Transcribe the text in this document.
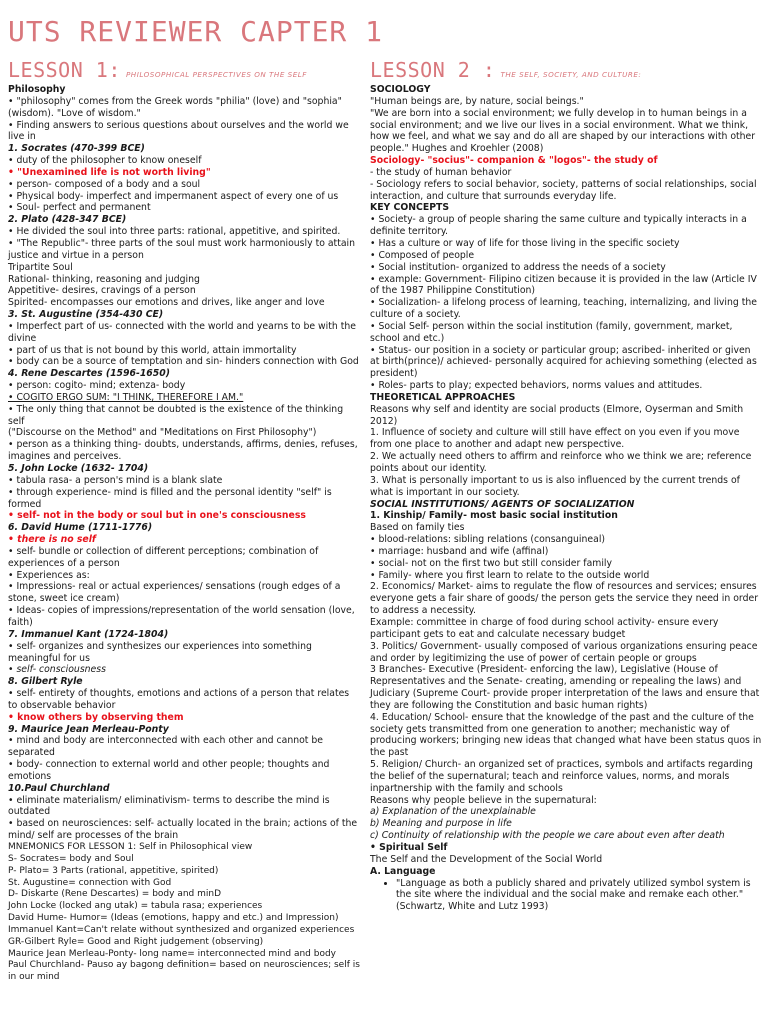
UTS REVIEWER CAPTER 1
LESSON 1: PHILOSOPHICAL PERSPECTIVES ON THE SELF

Philosophy

• "philosophy" comes from the Greek words "philia" (love) and "sophia" (wisdom). "Love of wisdom."

• Finding answers to serious questions about ourselves and the world we live in

1. Socrates (470-399 BCE)

• duty of the philosopher to know oneself

• "Unexamined life is not worth living"

• person- composed of a body and a soul

• Physical body- imperfect and impermanent aspect of every one of us

• Soul- perfect and permanent

2. Plato (428-347 BCE)

• He divided the soul into three parts: rational, appetitive, and spirited.

• "The Republic"- three parts of the soul must work harmoniously to attain justice and virtue in a person

Tripartite Soul

Rational- thinking, reasoning and judging

Appetitive- desires, cravings of a person

Spirited- encompasses our emotions and drives, like anger and love

3. St. Augustine (354-430 CE)

• Imperfect part of us- connected with the world and yearns to be with the divine

• part of us that is not bound by this world, attain immortality

• body can be a source of temptation and sin- hinders connection with God

4. Rene Descartes (1596-1650)

• person: cogito- mind; extenza- body

• COGITO ERGO SUM: "I THINK, THEREFORE I AM."

• The only thing that cannot be doubted is the existence of the thinking self

("Discourse on the Method" and "Meditations on First Philosophy")

• person as a thinking thing- doubts, understands, affirms, denies, refuses, imagines and perceives.

5. John Locke (1632- 1704)

• tabula rasa- a person's mind is a blank slate

• through experience- mind is filled and the personal identity "self" is formed

• self- not in the body or soul but in one's consciousness

6. David Hume (1711-1776)

• there is no self

• self- bundle or collection of different perceptions; combination of experiences of a person

• Experiences as:

• Impressions- real or actual experiences/ sensations (rough edges of a stone, sweet ice cream)

• Ideas- copies of impressions/representation of the world sensation (love, faith)

7. Immanuel Kant (1724-1804)

• self- organizes and synthesizes our experiences into something meaningful for us

• self- consciousness

8. Gilbert Ryle

• self- entirety of thoughts, emotions and actions of a person that relates to observable behavior

• know others by observing them

9. Maurice Jean Merleau-Ponty

• mind and body are interconnected with each other and cannot be separated

• body- connection to external world and other people; thoughts and emotions

10.Paul Churchland

• eliminate materialism/ eliminativism- terms to describe the mind is outdated

• based on neurosciences: self- actually located in the brain; actions of the mind/ self are processes of the brain

MNEMONICS FOR LESSON 1: Self in Philosophical view

S- Socrates= body and Soul

P- Plato= 3 Parts (rational, appetitive, spirited)

St. Augustine= connection with God

D- Diskarte (Rene Descartes) = body and minD

John Locke (locked ang utak) = tabula rasa; experiences

David Hume- Humor= (Ideas (emotions, happy and etc.) and Impression)

Immanuel Kant=Can't relate without synthesized and organized experiences

GR-Gilbert Ryle= Good and Right judgement (observing)

Maurice Jean Merleau-Ponty- long name= interconnected mind and body

Paul Churchland- Pauso ay bagong definition= based on neurosciences; self is in our mind

LESSON 2 : THE SELF, SOCIETY, AND CULTURE:

SOCIOLOGY

"Human beings are, by nature, social beings."

"We are born into a social environment; we fully develop in to human beings in a social environment; and we live our lives in a social environment. What we think, how we feel, and what we say and do all are shaped by our interactions with other people." Hughes and Kroehler (2008)

Sociology- "socius"- companion & "logos"- the study of

- the study of human behavior

- Sociology refers to social behavior, society, patterns of social relationships, social interaction, and culture that surrounds everyday life.

KEY CONCEPTS

• Society- a group of people sharing the same culture and typically interacts in a definite territory.

• Has a culture or way of life for those living in the specific society

• Composed of people

• Social institution- organized to address the needs of a society

• example: Government- Filipino citizen because it is provided in the law (Article IV of the 1987 Philippine Constitution)

• Socialization- a lifelong process of learning, teaching, internalizing, and living the culture of a society.

• Social Self- person within the social institution (family, government, market, school and etc.)

• Status- our position in a society or particular group; ascribed- inherited or given at birth(prince)/ achieved- personally acquired for achieving something (elected as president)

• Roles- parts to play; expected behaviors, norms values and attitudes.

THEORETICAL APPROACHES

Reasons why self and identity are social products (Elmore, Oyserman and Smith 2012)

1. Influence of society and culture will still have effect on you even if you move from one place to another and adapt new perspective.

2. We actually need others to affirm and reinforce who we think we are; reference points about our identity.

3. What is personally important to us is also influenced by the current trends of what is important in our society.

SOCIAL INSTITUTIONS/ AGENTS OF SOCIALIZATION

1. Kinship/ Family- most basic social institution

Based on family ties

• blood-relations: sibling relations (consanguineal)

• marriage: husband and wife (affinal)

• social- not on the first two but still consider family

• Family- where you first learn to relate to the outside world

2. Economics/ Market- aims to regulate the flow of resources and services; ensures everyone gets a fair share of goods/ the person gets the service they need in order to address a necessity.

Example: committee in charge of food during school activity- ensure every participant gets to eat and calculate necessary budget

3. Politics/ Government- usually composed of various organizations ensuring peace and order by legitimizing the use of power of certain people or groups

3 Branches- Executive (President- enforcing the law), Legislative (House of Representatives and the Senate- creating, amending or repealing the laws) and Judiciary (Supreme Court- provide proper interpretation of the laws and ensure that they are following the Constitution and basic human rights)

4. Education/ School- ensure that the knowledge of the past and the culture of the society gets transmitted from one generation to another; mechanistic way of producing workers; bringing new ideas that changed what have been status quos in the past

5. Religion/ Church- an organized set of practices, symbols and artifacts regarding the belief of the supernatural; teach and reinforce values, norms, and morals inpartnership with the family and schools

Reasons why people believe in the supernatural:

a) Explanation of the unexplainable

b) Meaning and purpose in life

c) Continuity of relationship with the people we care about even after death

• Spiritual Self

The Self and the Development of the Social World

A. Language

• "Language as both a publicly shared and privately utilized symbol system is the site where the individual and the social make and remake each other." (Schwartz, White and Lutz 1993)
